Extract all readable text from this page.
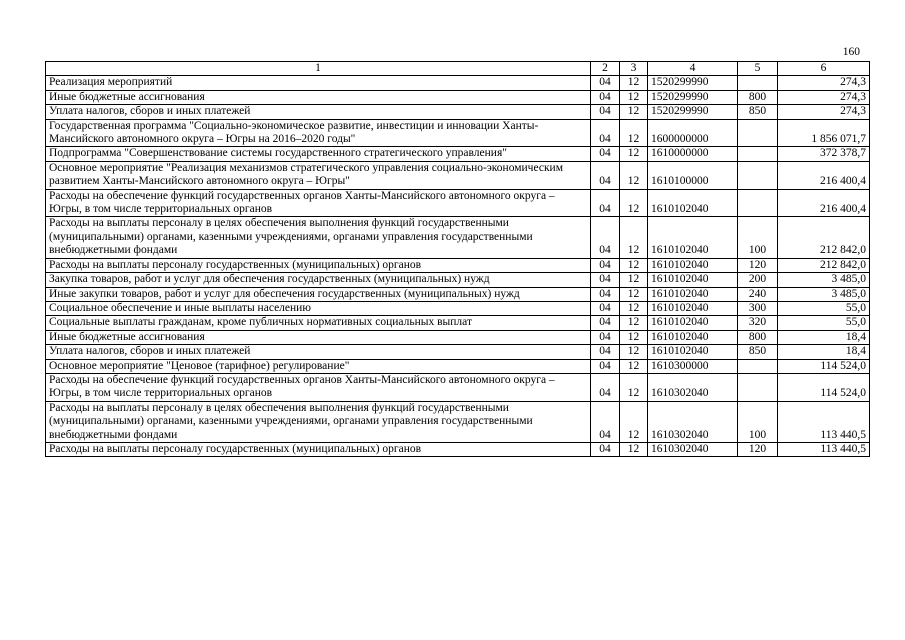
160
1	2	3	4	5	6
Реализация мероприятий	04	12	1520299990		274,3
Иные бюджетные ассигнования	04	12	1520299990	800	274,3
Уплата налогов, сборов и иных платежей	04	12	1520299990	850	274,3
Государственная программа "Социально-экономическое развитие, инвестиции и инновации Ханты-Мансийского автономного округа – Югры на 2016–2020 годы"	04	12	1600000000		1 856 071,7
Подпрограмма "Совершенствование системы государственного стратегического управления"	04	12	1610000000		372 378,7
Основное мероприятие "Реализация механизмов стратегического управления социально-экономическим развитием Ханты-Мансийского автономного округа – Югры"	04	12	1610100000		216 400,4
Расходы на обеспечение функций государственных органов Ханты-Мансийского автономного округа – Югры, в том числе территориальных органов	04	12	1610102040		216 400,4
Расходы на выплаты персоналу в целях обеспечения выполнения функций государственными (муниципальными) органами, казенными учреждениями, органами управления государственными внебюджетными фондами	04	12	1610102040	100	212 842,0
Расходы на выплаты персоналу государственных (муниципальных) органов	04	12	1610102040	120	212 842,0
Закупка товаров, работ и услуг для обеспечения государственных (муниципальных) нужд	04	12	1610102040	200	3 485,0
Иные закупки товаров, работ и услуг для обеспечения государственных (муниципальных) нужд	04	12	1610102040	240	3 485,0
Социальное обеспечение и иные выплаты населению	04	12	1610102040	300	55,0
Социальные выплаты гражданам, кроме публичных нормативных социальных выплат	04	12	1610102040	320	55,0
Иные бюджетные ассигнования	04	12	1610102040	800	18,4
Уплата налогов, сборов и иных платежей	04	12	1610102040	850	18,4
Основное мероприятие "Ценовое (тарифное) регулирование"	04	12	1610300000		114 524,0
Расходы на обеспечение функций государственных органов Ханты-Мансийского автономного округа – Югры, в том числе территориальных органов	04	12	1610302040		114 524,0
Расходы на выплаты персоналу в целях обеспечения выполнения функций государственными (муниципальными) органами, казенными учреждениями, органами управления государственными внебюджетными фондами	04	12	1610302040	100	113 440,5
Расходы на выплаты персоналу государственных (муниципальных) органов	04	12	1610302040	120	113 440,5
